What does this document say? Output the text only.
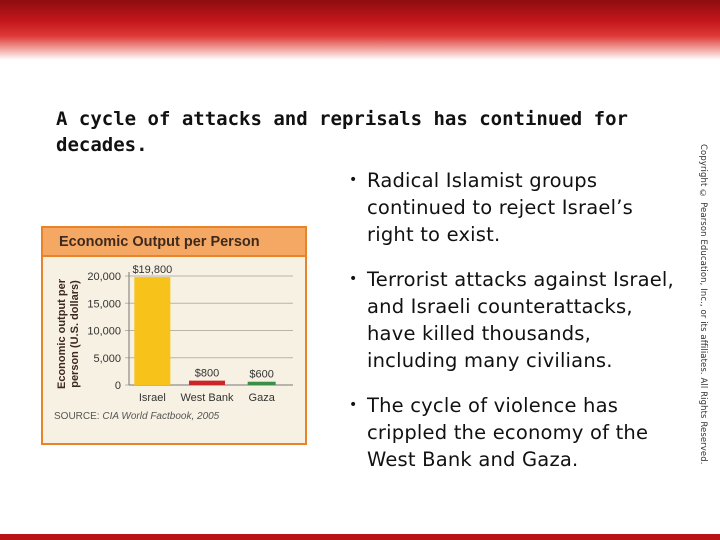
A cycle of attacks and reprisals has continued for decades.	Copyright © Pearson Education, Inc., or its affiliates. All Rights Reserved.
• Radical Islamist groups continued to reject Israel’s right to exist.
• Terrorist attacks against Israel, and Israeli counterattacks, have killed thousands, including many civilians.
• The cycle of violence has crippled the economy of the West Bank and Gaza.
Economic Output per Person
0
5,000
10,000
15,000
20,000
Economic output perperson (U.S. dollars)
$19,800
Israel
$800
West Bank
$600
Gaza
SOURCE: CIA World Factbook, 2005
